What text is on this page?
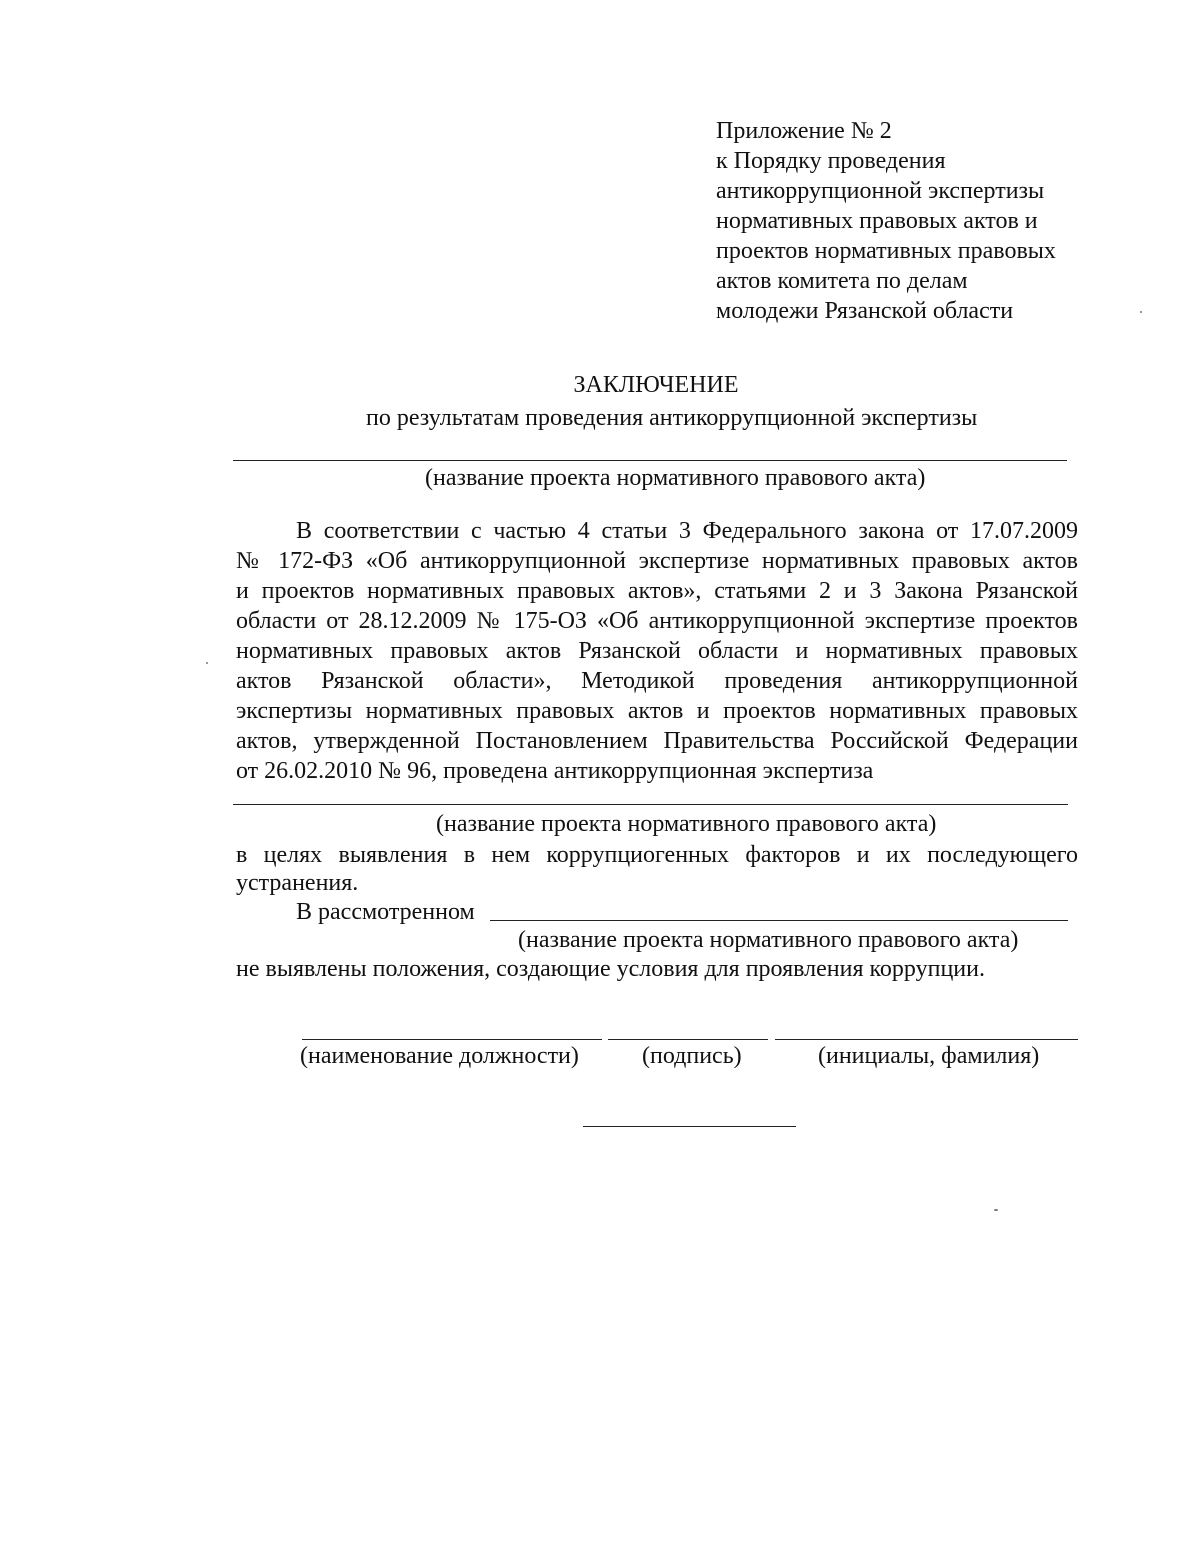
Приложение № 2
к Порядку проведения
антикоррупционной экспертизы
нормативных правовых актов и
проектов нормативных правовых
актов комитета по делам
молодежи Рязанской области
ЗАКЛЮЧЕНИЕ
по результатам проведения антикоррупционной экспертизы
(название проекта нормативного правового акта)
В соответствии с частью 4 статьи 3 Федерального закона от 17.07.2009
№ 172-ФЗ «Об антикоррупционной экспертизе нормативных правовых актов
и проектов нормативных правовых актов», статьями 2 и 3 Закона Рязанской
области от 28.12.2009 № 175-ОЗ «Об антикоррупционной экспертизе проектов
нормативных правовых актов Рязанской области и нормативных правовых
актов Рязанской области», Методикой проведения антикоррупционной
экспертизы нормативных правовых актов и проектов нормативных правовых
актов, утвержденной Постановлением Правительства Российской Федерации
от 26.02.2010 № 96, проведена антикоррупционная экспертиза
(название проекта нормативного правового акта)
в целях выявления в нем коррупциогенных факторов и их последующего
устранения.
В рассмотренном
(название проекта нормативного правового акта)
не выявлены положения, создающие условия для проявления коррупции.
(наименование должности)	(подпись)	(инициалы, фамилия)
